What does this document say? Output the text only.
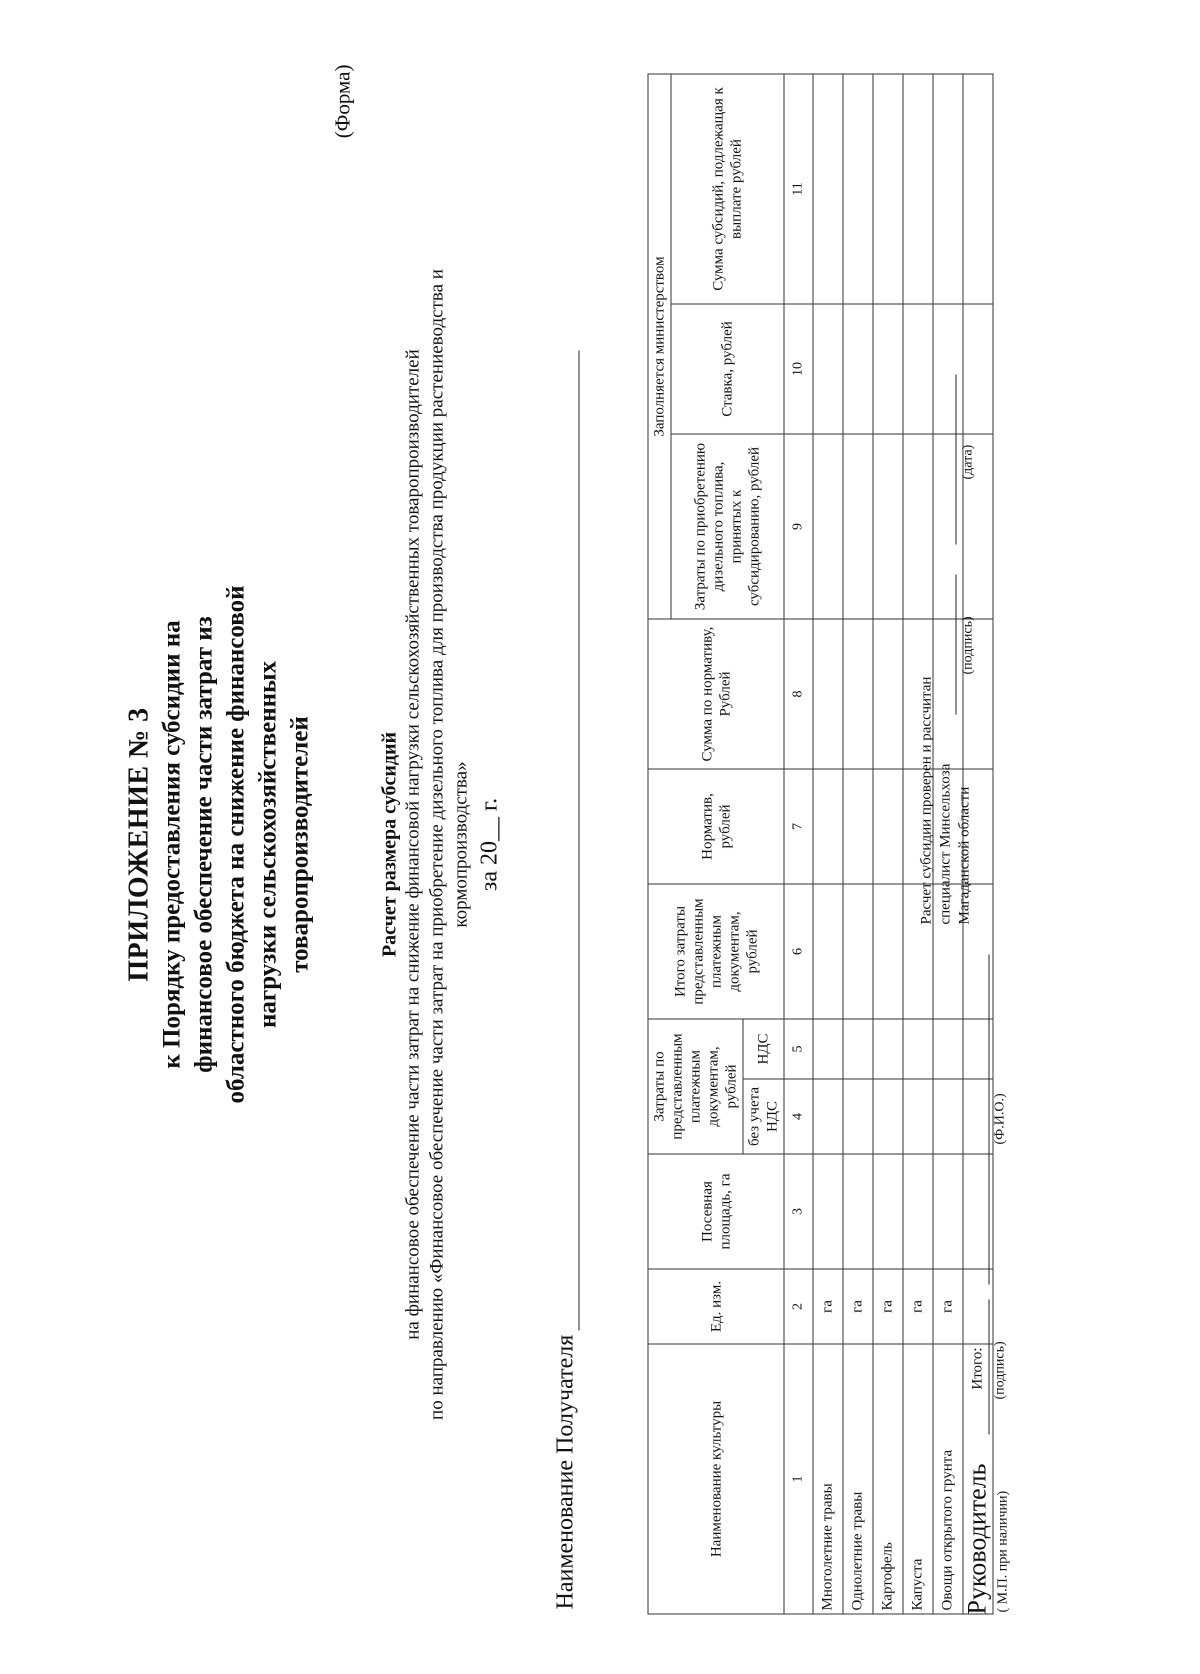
ПРИЛОЖЕНИЕ № 3 к Порядку предоставления субсидии на финансовое обеспечение части затрат из областного бюджета на снижение финансовой нагрузки сельскохозяйственных товаропроизводителей
(Форма)
Расчет размера субсидий на финансовое обеспечение части затрат на снижение финансовой нагрузки сельскохозяйственных товаропроизводителей по направлению «Финансовое обеспечение части затрат на приобретение дизельного топлива для производства продукции растениеводства и кормопроизводства» за 20__ г.
Наименование Получателя	Наименование культуры	Ед. изм.	Посевная площадь, га	Затраты по представленным платежным документам, рублей		Итого затраты представленным платежным документам, рублей	Норматив, рублей	Сумма по нормативу, Рублей	Заполняется министерством		
								Затраты по приобретению дизельного топлива, принятых к субсидированию, рублей	Ставка, рублей	Сумма субсидий, подлежащая к выплате рублей
			без учета НДС	НДС						
1	2	3	4	5	6	7	8	9	10	11
Многолетние травы	га									
Однолетние травы	га									
Картофель	га									
Капуста	га									
Овощи открытого грунта	га									
Итого:										
Руководитель ( М.П. при наличии)
(подпись)
(Ф.И.О.)
Расчет субсидии проверен и рассчитан специалист Минсельхоза Магаданской области
(подпись)
(дата)
